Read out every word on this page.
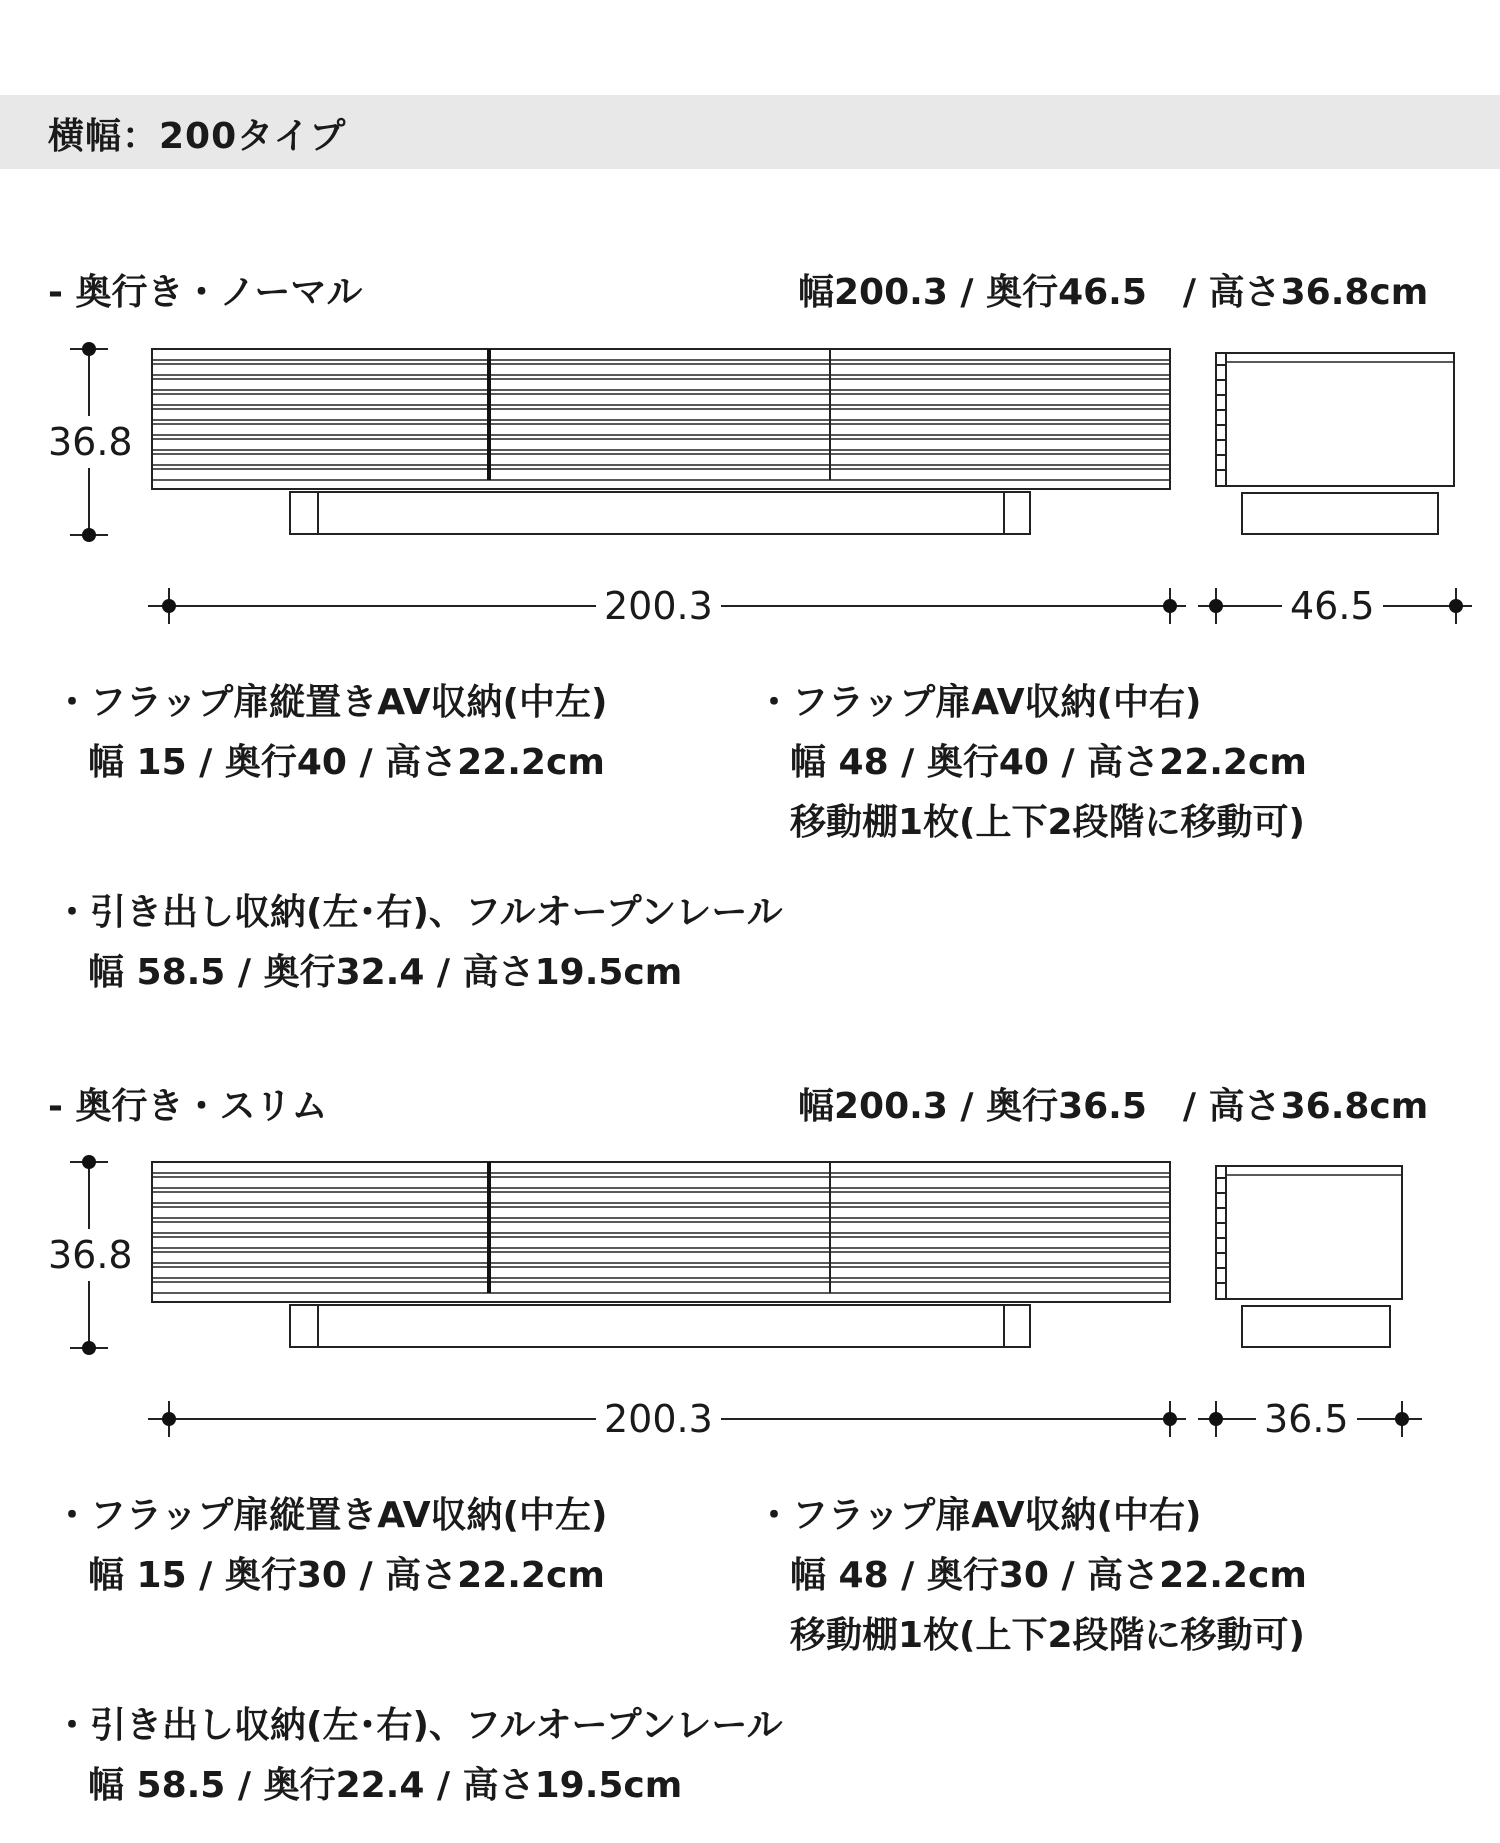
横幅：200タイプ
- 奥行き・ノーマル	幅200.3 / 奥行46.5　/ 高さ36.8cm
36.8
200.3	46.5
・フラップ扉縦置きAV収納(中左)
幅 15 / 奥行40 / 高さ22.2cm
・フラップ扉AV収納(中右)
幅 48 / 奥行40 / 高さ22.2cm
移動棚1枚(上下2段階に移動可)
・引き出し収納(左･右)、フルオープンレール
幅 58.5 / 奥行32.4 / 高さ19.5cm
- 奥行き・スリム	幅200.3 / 奥行36.5　/ 高さ36.8cm
36.8
200.3	36.5
・フラップ扉縦置きAV収納(中左)
幅 15 / 奥行30 / 高さ22.2cm
・フラップ扉AV収納(中右)
幅 48 / 奥行30 / 高さ22.2cm
移動棚1枚(上下2段階に移動可)
・引き出し収納(左･右)、フルオープンレール
幅 58.5 / 奥行22.4 / 高さ19.5cm
